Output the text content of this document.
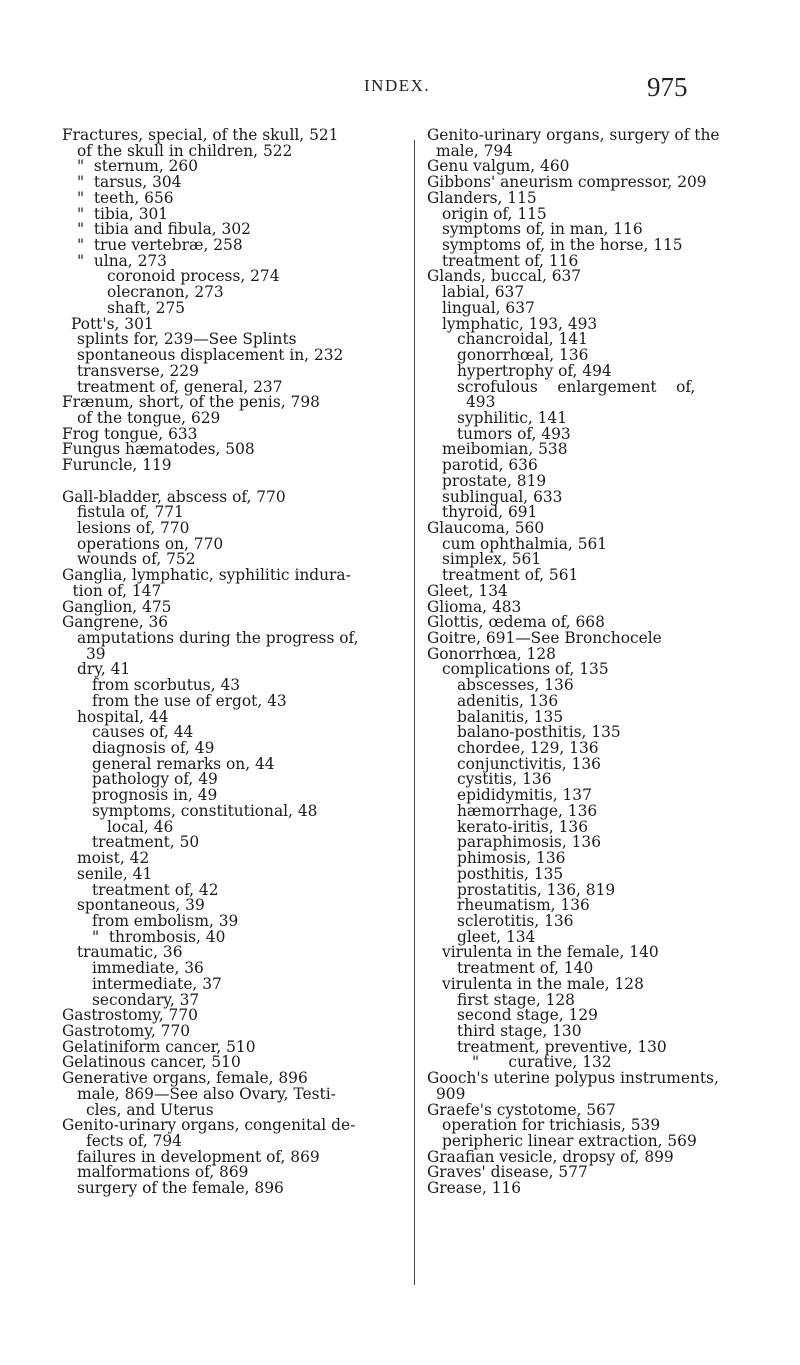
INDEX.	975
Fractures, special, of the skull, 521
of the skull in children, 522
"  sternum, 260
"  tarsus, 304
"  teeth, 656
"  tibia, 301
"  tibia and fibula, 302
"  true vertebræ, 258
"  ulna, 273
coronoid process, 274
olecranon, 273
shaft, 275
Pott's, 301
splints for, 239—See Splints
spontaneous displacement in, 232
transverse, 229
treatment of, general, 237
Frænum, short, of the penis, 798
of the tongue, 629
Frog tongue, 633
Fungus hæmatodes, 508
Furuncle, 119
Gall-bladder, abscess of, 770
fistula of, 771
lesions of, 770
operations on, 770
wounds of, 752
Ganglia, lymphatic, syphilitic indura-
tion of, 147
Ganglion, 475
Gangrene, 36
amputations during the progress of,
39
dry, 41
from scorbutus, 43
from the use of ergot, 43
hospital, 44
causes of, 44
diagnosis of, 49
general remarks on, 44
pathology of, 49
prognosis in, 49
symptoms, constitutional, 48
local, 46
treatment, 50
moist, 42
senile, 41
treatment of, 42
spontaneous, 39
from embolism, 39
"  thrombosis, 40
traumatic, 36
immediate, 36
intermediate, 37
secondary, 37
Gastrostomy, 770
Gastrotomy, 770
Gelatiniform cancer, 510
Gelatinous cancer, 510
Generative organs, female, 896
male, 869—See also Ovary, Testi-
cles, and Uterus
Genito-urinary organs, congenital de-
fects of, 794
failures in development of, 869
malformations of, 869
surgery of the female, 896
Genito-urinary organs, surgery of the
male, 794
Genu valgum, 460
Gibbons' aneurism compressor, 209
Glanders, 115
origin of, 115
symptoms of, in man, 116
symptoms of, in the horse, 115
treatment of, 116
Glands, buccal, 637
labial, 637
lingual, 637
lymphatic, 193, 493
chancroidal, 141
gonorrhœal, 136
hypertrophy of, 494
scrofulous    enlargement    of,
493
syphilitic, 141
tumors of, 493
meibomian, 538
parotid, 636
prostate, 819
sublingual, 633
thyroid, 691
Glaucoma, 560
cum ophthalmia, 561
simplex, 561
treatment of, 561
Gleet, 134
Glioma, 483
Glottis, œdema of, 668
Goitre, 691—See Bronchocele
Gonorrhœa, 128
complications of, 135
abscesses, 136
adenitis, 136
balanitis, 135
balano-posthitis, 135
chordee, 129, 136
conjunctivitis, 136
cystitis, 136
epididymitis, 137
hæmorrhage, 136
kerato-iritis, 136
paraphimosis, 136
phimosis, 136
posthitis, 135
prostatitis, 136, 819
rheumatism, 136
sclerotitis, 136
gleet, 134
virulenta in the female, 140
treatment of, 140
virulenta in the male, 128
first stage, 128
second stage, 129
third stage, 130
treatment, preventive, 130
"      curative, 132
Gooch's uterine polypus instruments,
909
Graefe's cystotome, 567
operation for trichiasis, 539
peripheric linear extraction, 569
Graafian vesicle, dropsy of, 899
Graves' disease, 577
Grease, 116
